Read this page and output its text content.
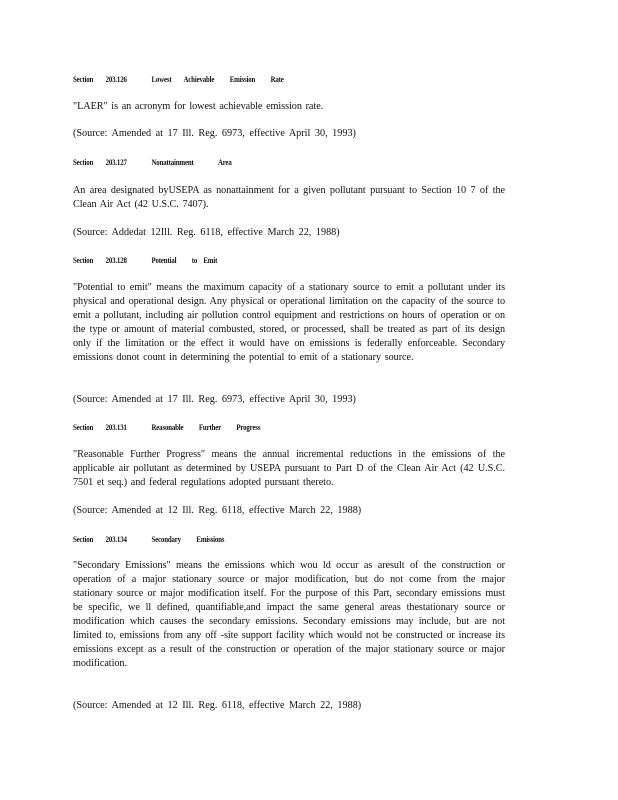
Section        203.126                Lowest        Achievable          Emission          Rate

"LAER" is an acronym for lowest achievable emission rate.

(Source: Amended at 17 Ill. Reg. 6973, effective April 30, 1993)

Section        203.127                Nonattainment                Area

An area designated byUSEPA as nonattainment for a given pollutant pursuant to Section 10 7 of the Clean Air Act (42 U.S.C. 7407).

(Source: Addedat 12Ill. Reg. 6118, effective March 22, 1988)

Section        203.128                Potential          to    Emit

"Potential to emit" means the maximum capacity of a stationary source to emit a pollutant under its physical and operational design. Any physical or operational limitation on the capacity of the source to emit a pollutant, including air pollution control equipment and restrictions on hours of operation or on the type or amount of material combusted, stored, or processed, shall be treated as part of its design only if the limitation or the effect it would have on emissions is federally enforceable. Secondary emissions donot count in determining the potential to emit of a stationary source.

(Source: Amended at 17 Ill. Reg. 6973, effective April 30, 1993)

Section        203.131                Reasonable          Further          Progress

"Reasonable Further Progress" means the annual incremental reductions in the emissions of the applicable air pollutant as determined by USEPA pursuant to Part D of the Clean Air Act (42 U.S.C. 7501 et seq.) and federal regulations adopted pursuant thereto.

(Source: Amended at 12 Ill. Reg. 6118, effective March 22, 1988)

Section        203.134                Secondary          Emissions

"Secondary Emissions" means the emissions which wou ld occur as aresult of the construction or operation of a major stationary source or major modification, but do not come from the major stationary source or major modification itself. For the purpose of this Part, secondary emissions must be specific, we ll defined, quantifiable,and impact the same general areas thestationary source or modification which causes the secondary emissions. Secondary emissions may include, but are not limited to, emissions from any off -site support facility which would not be constructed or increase its emissions except as a result of the construction or operation of the major stationary source or major modification.

(Source: Amended at 12 Ill. Reg. 6118, effective March 22, 1988)
